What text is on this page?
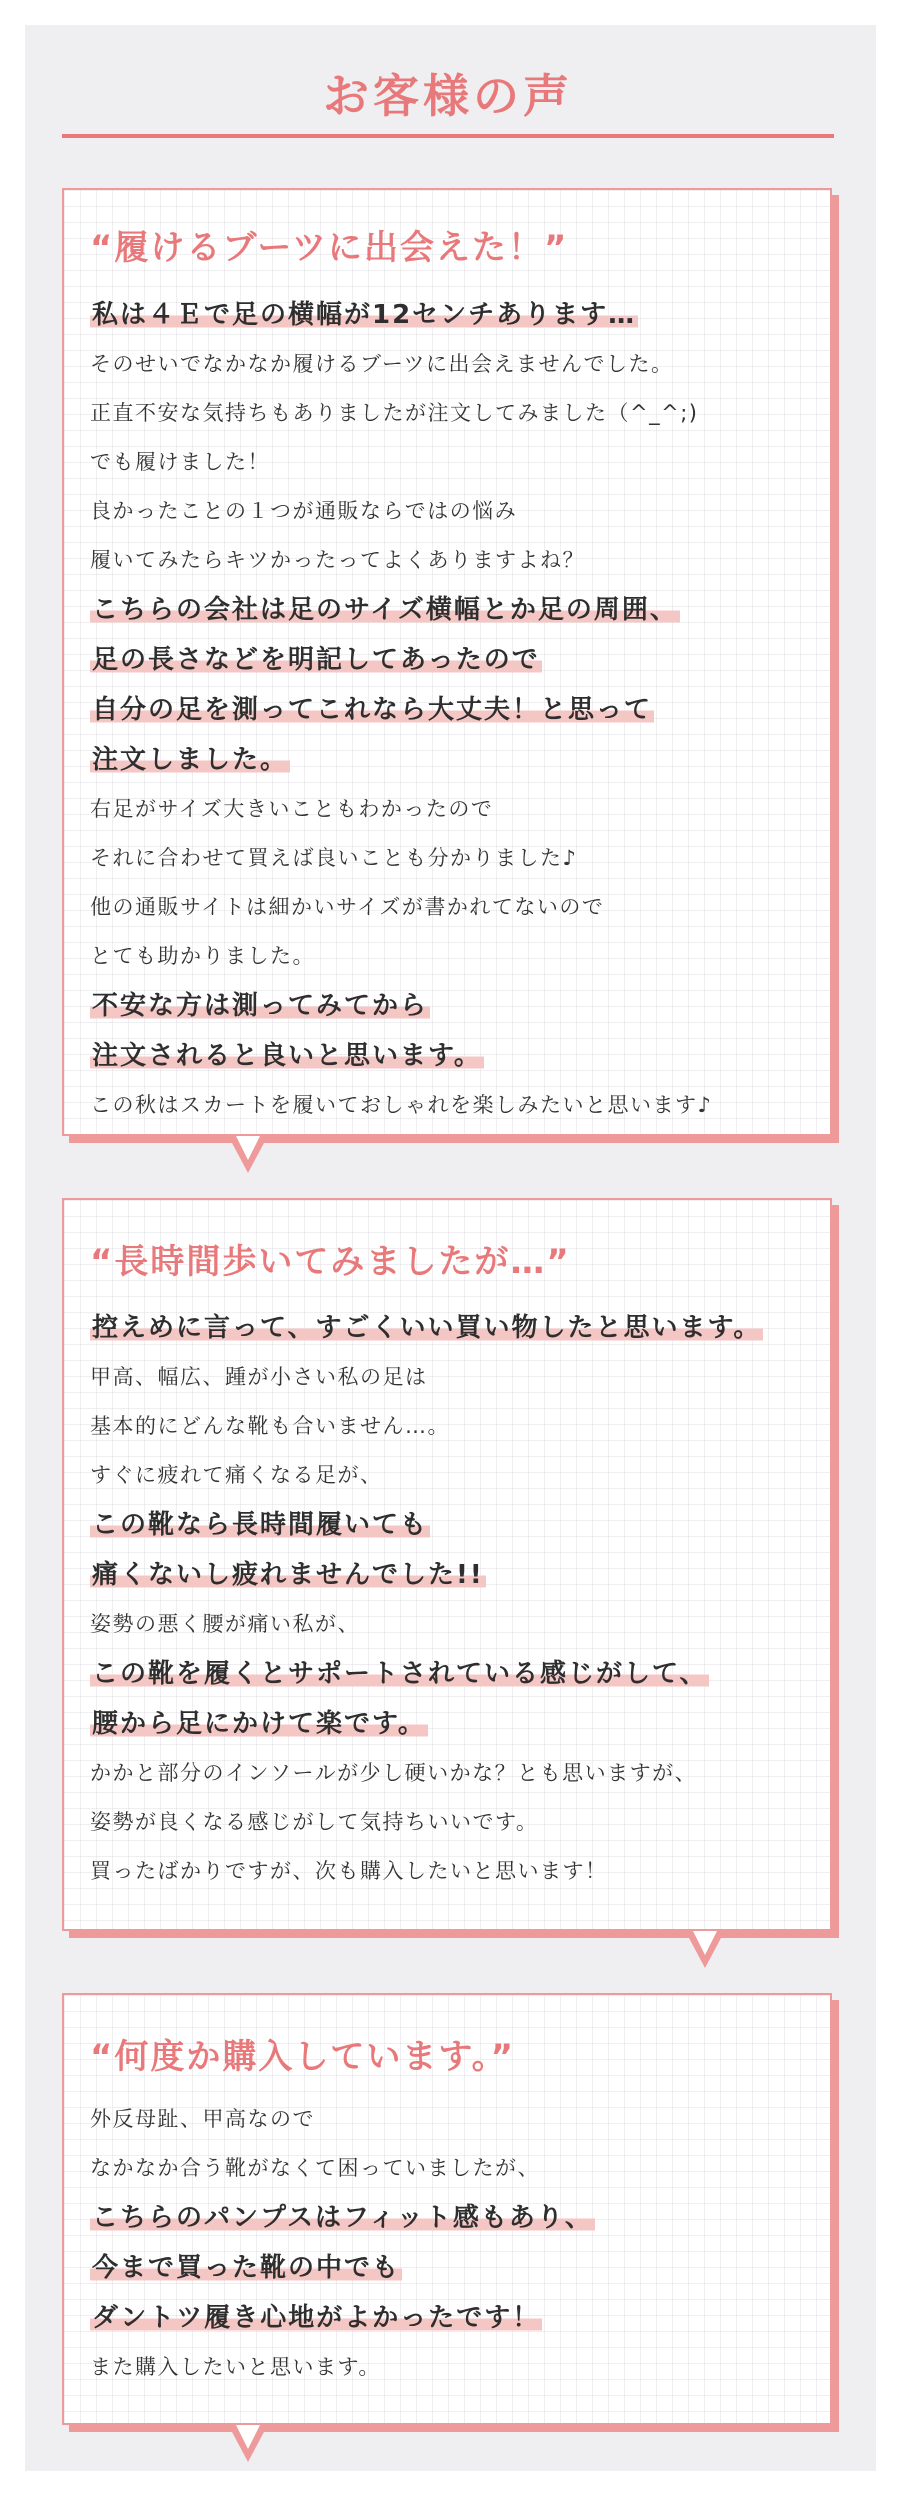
お客様の声
“履けるブーツに出会えた！”
私は４Ｅで足の横幅が12センチあります…
そのせいでなかなか履けるブーツに出会えませんでした。
正直不安な気持ちもありましたが注文してみました（^_^;)
でも履けました！
良かったことの１つが通販ならではの悩み
履いてみたらキツかったってよくありますよね？
こちらの会社は足のサイズ横幅とか足の周囲、
足の長さなどを明記してあったので
自分の足を測ってこれなら大丈夫！と思って
注文しました。
右足がサイズ大きいこともわかったので
それに合わせて買えば良いことも分かりました♪
他の通販サイトは細かいサイズが書かれてないので
とても助かりました。
不安な方は測ってみてから
注文されると良いと思います。
この秋はスカートを履いておしゃれを楽しみたいと思います♪
“長時間歩いてみましたが…”
控えめに言って、すごくいい買い物したと思います。
甲高、幅広、踵が小さい私の足は
基本的にどんな靴も合いません…。
すぐに疲れて痛くなる足が、
この靴なら長時間履いても
痛くないし疲れませんでした!!
姿勢の悪く腰が痛い私が、
この靴を履くとサポートされている感じがして、
腰から足にかけて楽です。
かかと部分のインソールが少し硬いかな？とも思いますが、
姿勢が良くなる感じがして気持ちいいです。
買ったばかりですが、次も購入したいと思います！
“何度か購入しています。”
外反母趾、甲高なので
なかなか合う靴がなくて困っていましたが、
こちらのパンプスはフィット感もあり、
今まで買った靴の中でも
ダントツ履き心地がよかったです！
また購入したいと思います。
